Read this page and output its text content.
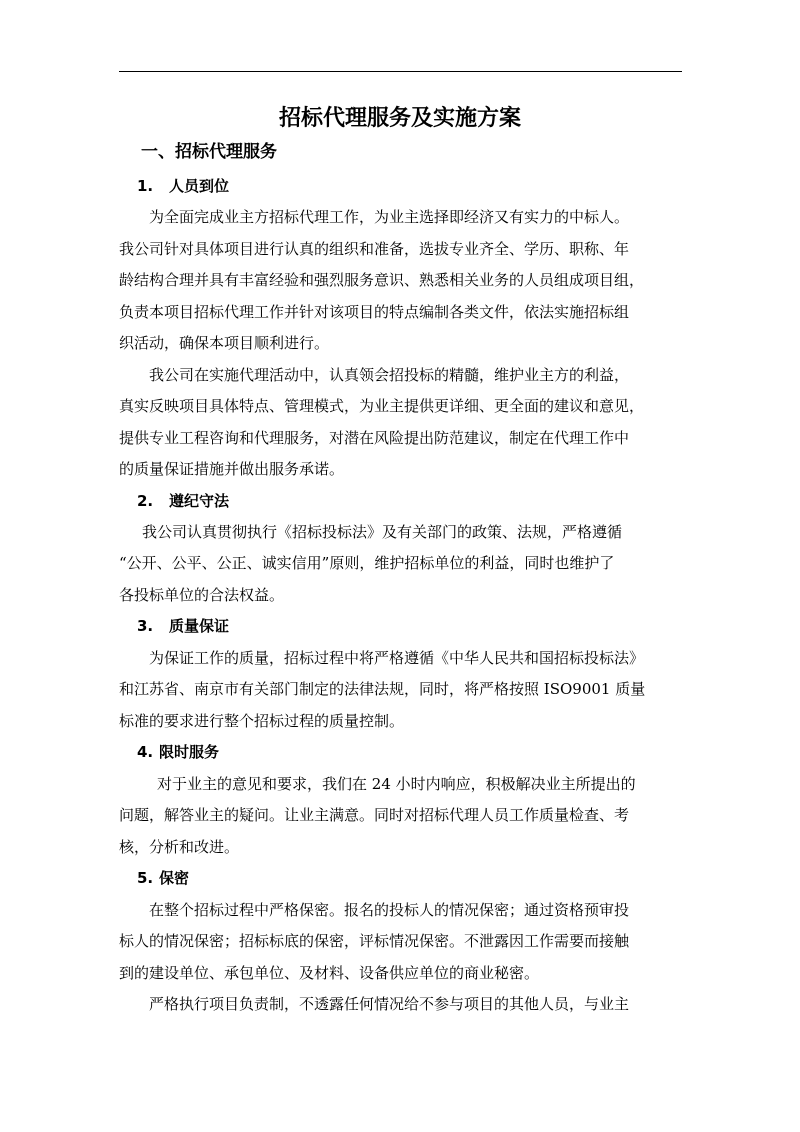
招标代理服务及实施方案
一、招标代理服务
1. 人员到位
为全面完成业主方招标代理工作，为业主选择即经济又有实力的中标人。
我公司针对具体项目进行认真的组织和准备，选拔专业齐全、学历、职称、年
龄结构合理并具有丰富经验和强烈服务意识、熟悉相关业务的人员组成项目组，
负责本项目招标代理工作并针对该项目的特点编制各类文件，依法实施招标组
织活动，确保本项目顺利进行。
我公司在实施代理活动中，认真领会招投标的精髓，维护业主方的利益，
真实反映项目具体特点、管理模式，为业主提供更详细、更全面的建议和意见，
提供专业工程咨询和代理服务，对潜在风险提出防范建议，制定在代理工作中
的质量保证措施并做出服务承诺。
2. 遵纪守法
我公司认真贯彻执行《招标投标法》及有关部门的政策、法规，严格遵循
“公开、公平、公正、诚实信用”原则，维护招标单位的利益，同时也维护了
各投标单位的合法权益。
3. 质量保证
为保证工作的质量，招标过程中将严格遵循《中华人民共和国招标投标法》
和江苏省、南京市有关部门制定的法律法规，同时，将严格按照 ISO9001 质量
标准的要求进行整个招标过程的质量控制。
4. 限时服务
对于业主的意见和要求，我们在 24 小时内响应，积极解决业主所提出的
问题，解答业主的疑问。让业主满意。同时对招标代理人员工作质量检查、考
核，分析和改进。
5. 保密
在整个招标过程中严格保密。报名的投标人的情况保密；通过资格预审投
标人的情况保密；招标标底的保密，评标情况保密。不泄露因工作需要而接触
到的建设单位、承包单位、及材料、设备供应单位的商业秘密。
严格执行项目负责制，不透露任何情况给不参与项目的其他人员，与业主
